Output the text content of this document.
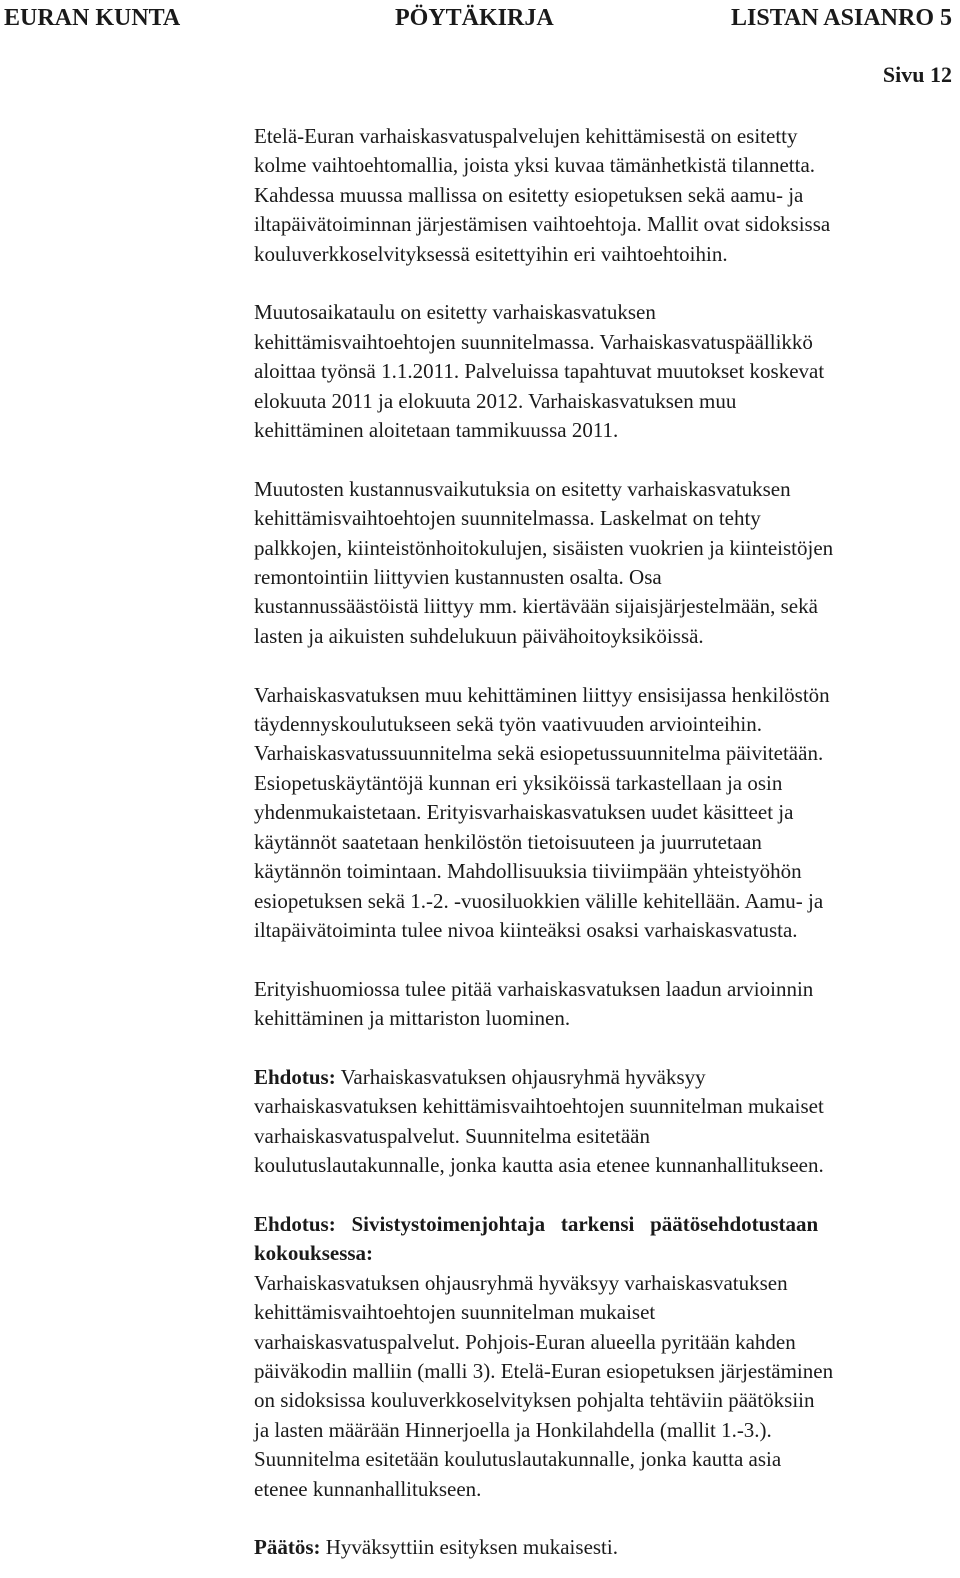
EURAN KUNTA	PÖYTÄKIRJA	LISTAN ASIANRO 5
Sivu 12

Etelä-Euran varhaiskasvatuspalvelujen kehittämisestä on esitetty
kolme vaihtoehtomallia, joista yksi kuvaa tämänhetkistä tilannetta.
Kahdessa muussa mallissa on esitetty esiopetuksen sekä aamu- ja
iltapäivätoiminnan järjestämisen vaihtoehtoja. Mallit ovat sidoksissa
kouluverkkoselvityksessä esitettyihin eri vaihtoehtoihin.

Muutosaikataulu on esitetty varhaiskasvatuksen
kehittämisvaihtoehtojen suunnitelmassa. Varhaiskasvatuspäällikkö
aloittaa työnsä 1.1.2011. Palveluissa tapahtuvat muutokset koskevat
elokuuta 2011 ja elokuuta 2012. Varhaiskasvatuksen muu
kehittäminen aloitetaan tammikuussa 2011.

Muutosten kustannusvaikutuksia on esitetty varhaiskasvatuksen
kehittämisvaihtoehtojen suunnitelmassa. Laskelmat on tehty
palkkojen, kiinteistönhoitokulujen, sisäisten vuokrien ja kiinteistöjen
remontointiin liittyvien kustannusten osalta. Osa
kustannussäästöistä liittyy mm. kiertävään sijaisjärjestelmään, sekä
lasten ja aikuisten suhdelukuun päivähoitoyksiköissä.

Varhaiskasvatuksen muu kehittäminen liittyy ensisijassa henkilöstön
täydennyskoulutukseen sekä työn vaativuuden arviointeihin.
Varhaiskasvatussuunnitelma sekä esiopetussuunnitelma päivitetään.
Esiopetuskäytäntöjä kunnan eri yksiköissä tarkastellaan ja osin
yhdenmukaistetaan. Erityisvarhaiskasvatuksen uudet käsitteet ja
käytännöt saatetaan henkilöstön tietoisuuteen ja juurrutetaan
käytännön toimintaan. Mahdollisuuksia tiiviimpään yhteistyöhön
esiopetuksen sekä 1.-2. -vuosiluokkien välille kehitellään. Aamu- ja
iltapäivätoiminta tulee nivoa kiinteäksi osaksi varhaiskasvatusta.

Erityishuomiossa tulee pitää varhaiskasvatuksen laadun arvioinnin
kehittäminen ja mittariston luominen.

Ehdotus: Varhaiskasvatuksen ohjausryhmä hyväksyy
varhaiskasvatuksen kehittämisvaihtoehtojen suunnitelman mukaiset
varhaiskasvatuspalvelut. Suunnitelma esitetään
koulutuslautakunnalle, jonka kautta asia etenee kunnanhallitukseen.

Ehdotus:   Sivistystoimenjohtaja   tarkensi   päätösehdotustaan
kokouksessa:
Varhaiskasvatuksen ohjausryhmä hyväksyy varhaiskasvatuksen
kehittämisvaihtoehtojen suunnitelman mukaiset
varhaiskasvatuspalvelut. Pohjois-Euran alueella pyritään kahden
päiväkodin malliin (malli 3). Etelä-Euran esiopetuksen järjestäminen
on sidoksissa kouluverkkoselvityksen pohjalta tehtäviin päätöksiin
ja lasten määrään Hinnerjoella ja Honkilahdella (mallit 1.-3.).
Suunnitelma esitetään koulutuslautakunnalle, jonka kautta asia
etenee kunnanhallitukseen.

Päätös: Hyväksyttiin esityksen mukaisesti.
